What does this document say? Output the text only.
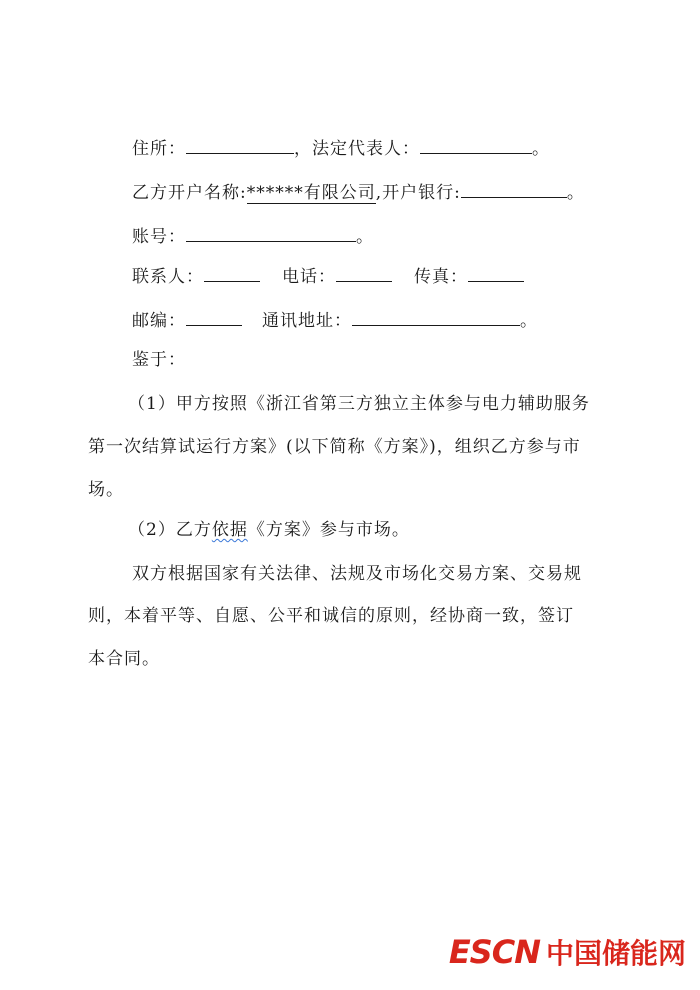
住所：	，法定代表人：	。
乙方开户名称:******有限公司,开户银行:	。
账号：	。
联系人：	电话：	传真：
邮编：	通讯地址：	。
鉴于：
（1）甲方按照《浙江省第三方独立主体参与电力辅助服务
第一次结算试运行方案》(以下简称《方案》)，组织乙方参与市
场。
（2）乙方依据《方案》参与市场。
双方根据国家有关法律、法规及市场化交易方案、交易规
则，本着平等、自愿、公平和诚信的原则，经协商一致，签订
本合同。
ESCN 中国储能网
